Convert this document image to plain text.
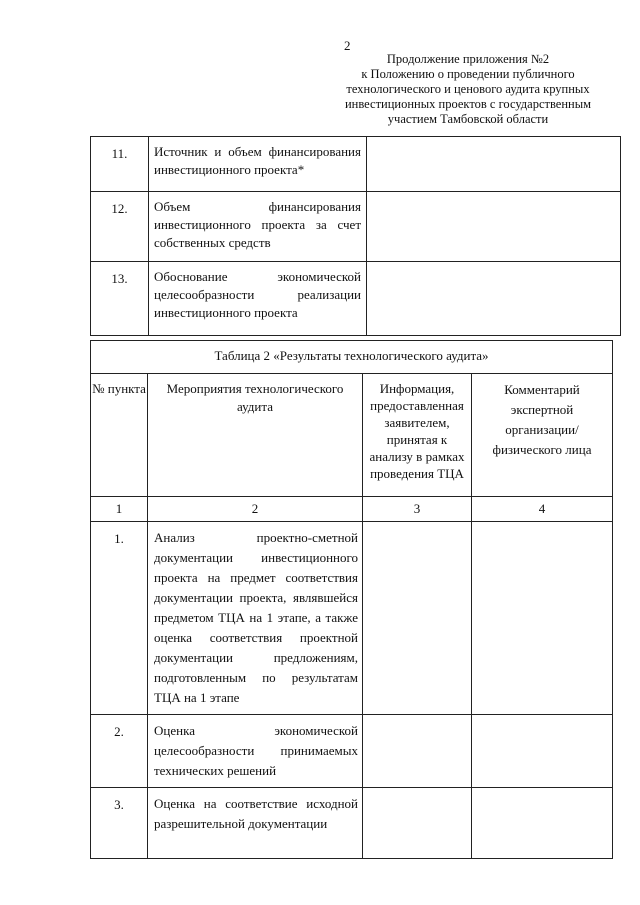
2
Продолжение приложения №2
к Положению о проведении публичного
технологического и ценового аудита крупных
инвестиционных проектов с государственным
участием Тамбовской области
11.	Источник и объем финансирования инвестиционного проекта*	
12.	Объем финансирования инвестиционного проекта за счет собственных средств	
13.	Обоснование экономической целесообразности реализации инвестиционного проекта	
Таблица 2 «Результаты технологического аудита»			
№ пункта	Мероприятия технологического аудита	Информация, предоставленная заявителем, принятая к анализу в рамках проведения ТЦА	Комментарий экспертной организации/физического лица
1	2	3	4
1.	Анализ проектно-сметной документации инвестиционного проекта на предмет соответствия документации проекта, являвшейся предметом ТЦА на 1 этапе, а также оценка соответствия проектной документации предложениям, подготовленным по результатам ТЦА на 1 этапе		
2.	Оценка экономической целесообразности принимаемых технических решений		
3.	Оценка на соответствие исходной разрешительной документации		
